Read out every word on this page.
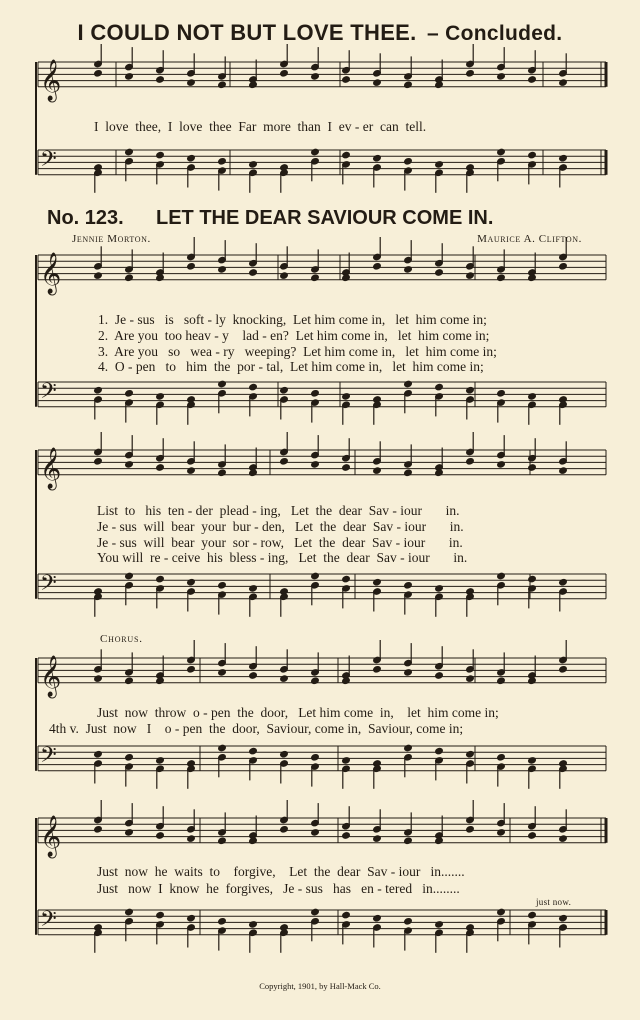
I COULD NOT BUT LOVE THEE. – Concluded.
𝄞
𝄢
𝄞
𝄢
𝄞
𝄢
𝄞
𝄢
𝄞
𝄢
No. 123. LET THE DEAR SAVIOUR COME IN.
Jennie Morton.	Maurice A. Clifton.
I  love  thee,  I  love  thee  Far  more  than  I  ev - er  can  tell.
1.  Je - sus   is   soft - ly  knocking,  Let him come in,   let  him come in;
2.  Are you  too heav - y    lad - en?  Let him come in,   let  him come in;
3.  Are you   so   wea - ry   weeping?  Let him come in,   let  him come in;
4.  O - pen   to   him  the  por - tal,  Let him come in,   let  him come in;
List  to   his  ten - der  plead - ing,   Let  the  dear  Sav - iour       in.
Je - sus  will  bear  your  bur - den,   Let  the  dear  Sav - iour       in.
Je - sus  will  bear  your  sor - row,   Let  the  dear  Sav - iour       in.
You will  re - ceive  his  bless - ing,   Let  the  dear  Sav - iour       in.
Chorus.
Just  now  throw  o - pen  the  door,   Let him come  in,    let  him come in;
4th v.  Just  now   I    o - pen  the  door,  Saviour, come in,  Saviour, come in;
Just  now  he  waits  to    forgive,    Let  the  dear  Sav - iour   in.......
Just   now  I  know  he  forgives,   Je - sus   has   en - tered   in........
just now.
Copyright, 1901, by Hall-Mack Co.
